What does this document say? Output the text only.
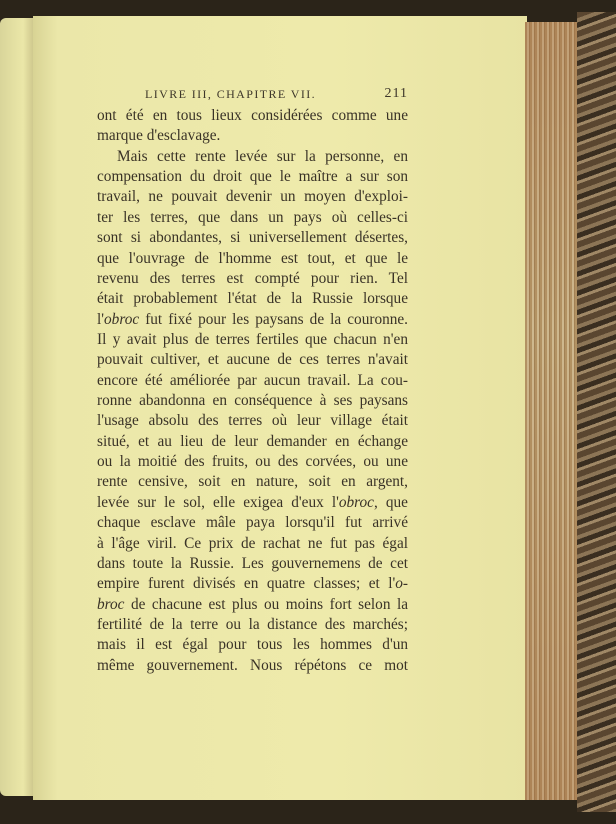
LIVRE III, CHAPITRE VII.	211
ont été en tous lieux considérées comme une
marque d'esclavage.
Mais cette rente levée sur la personne, en
compensation du droit que le maître a sur son
travail, ne pouvait devenir un moyen d'exploi-
ter les terres, que dans un pays où celles-ci
sont si abondantes, si universellement désertes,
que l'ouvrage de l'homme est tout, et que le
revenu des terres est compté pour rien. Tel
était probablement l'état de la Russie lorsque
l'obroc fut fixé pour les paysans de la couronne.
Il y avait plus de terres fertiles que chacun n'en
pouvait cultiver, et aucune de ces terres n'avait
encore été améliorée par aucun travail. La cou-
ronne abandonna en conséquence à ses paysans
l'usage absolu des terres où leur village était
situé, et au lieu de leur demander en échange
ou la moitié des fruits, ou des corvées, ou une
rente censive, soit en nature, soit en argent,
levée sur le sol, elle exigea d'eux l'obroc, que
chaque esclave mâle paya lorsqu'il fut arrivé
à l'âge viril. Ce prix de rachat ne fut pas égal
dans toute la Russie. Les gouvernemens de cet
empire furent divisés en quatre classes; et l'o-
broc de chacune est plus ou moins fort selon la
fertilité de la terre ou la distance des marchés;
mais il est égal pour tous les hommes d'un
même gouvernement. Nous répétons ce mot
